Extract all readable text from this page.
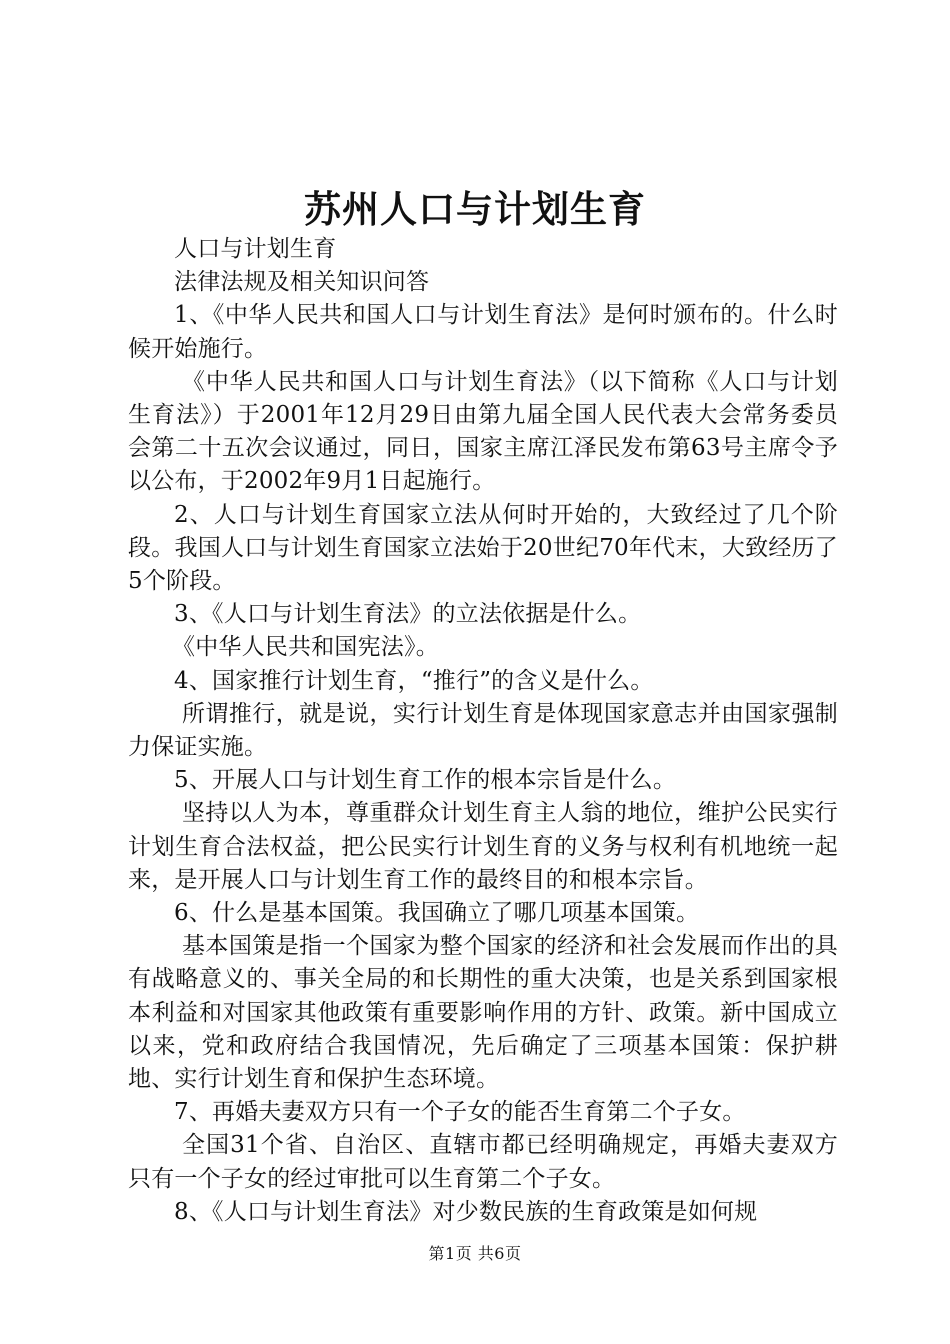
苏州人口与计划生育

人口与计划生育

法律法规及相关知识问答

1、《中华人民共和国人口与计划生育法》是何时颁布的。什么时候开始施行。

《中华人民共和国人口与计划生育法》（以下简称《人口与计划生育法》）于2001年12月29日由第九届全国人民代表大会常务委员会第二十五次会议通过，同日，国家主席江泽民发布第63号主席令予以公布，于2002年9月1日起施行。

2、人口与计划生育国家立法从何时开始的，大致经过了几个阶段。我国人口与计划生育国家立法始于20世纪70年代末，大致经历了5个阶段。

3、《人口与计划生育法》的立法依据是什么。

《中华人民共和国宪法》。

4、国家推行计划生育，“推行”的含义是什么。

所谓推行，就是说，实行计划生育是体现国家意志并由国家强制力保证实施。

5、开展人口与计划生育工作的根本宗旨是什么。

坚持以人为本，尊重群众计划生育主人翁的地位，维护公民实行计划生育合法权益，把公民实行计划生育的义务与权利有机地统一起来，是开展人口与计划生育工作的最终目的和根本宗旨。

6、什么是基本国策。我国确立了哪几项基本国策。

基本国策是指一个国家为整个国家的经济和社会发展而作出的具有战略意义的、事关全局的和长期性的重大决策，也是关系到国家根本利益和对国家其他政策有重要影响作用的方针、政策。新中国成立以来，党和政府结合我国情况，先后确定了三项基本国策：保护耕地、实行计划生育和保护生态环境。

7、再婚夫妻双方只有一个子女的能否生育第二个子女。

全国31个省、自治区、直辖市都已经明确规定，再婚夫妻双方只有一个子女的经过审批可以生育第二个子女。

8、《人口与计划生育法》对少数民族的生育政策是如何规

第1页 共6页
